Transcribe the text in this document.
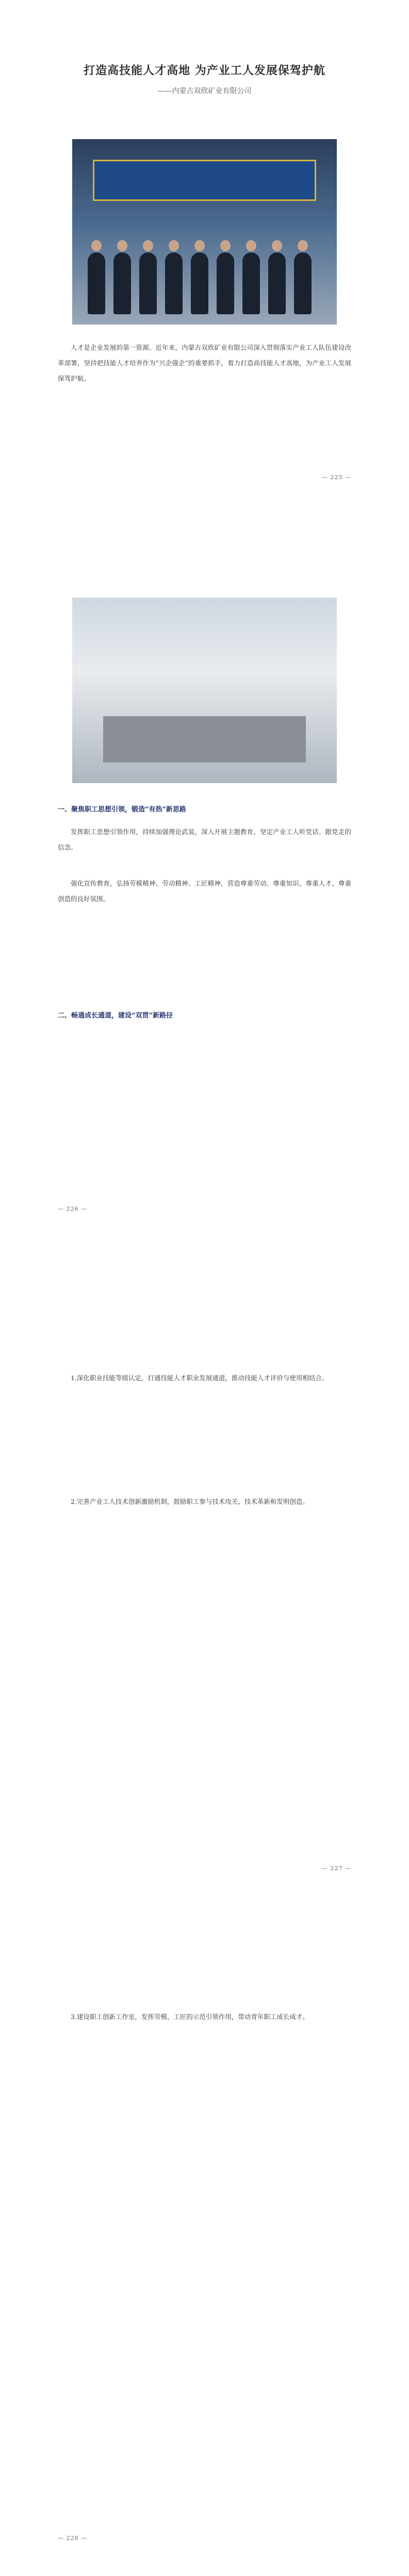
打造高技能人才高地 为产业工人发展保驾护航
——内蒙古双欣矿业有限公司

人才是企业发展的第一资源。近年来，内蒙古双欣矿业有限公司深入贯彻落实产业工人队伍建设改革部署，坚持把技能人才培养作为“兴企强企”的重要抓手，着力打造高技能人才高地，为产业工人发展保驾护航。

— 225 —
一、聚焦职工思想引领，锻造“有热”新思路

发挥职工思想引领作用，持续加强理论武装，深入开展主题教育，坚定产业工人听党话、跟党走的信念。

强化宣传教育，弘扬劳模精神、劳动精神、工匠精神，营造尊重劳动、尊重知识、尊重人才、尊重创造的良好氛围。

二、畅通成长通道，建设“双贯”新路径
— 226 —

1.深化职业技能等级认定，打通技能人才职业发展通道，推动技能人才评价与使用相结合。

2.完善产业工人技术创新激励机制，鼓励职工参与技术攻关、技术革新和发明创造。

— 227 —

3.建设职工创新工作室，发挥劳模、工匠的示范引领作用，带动青年职工成长成才。

— 228 —
